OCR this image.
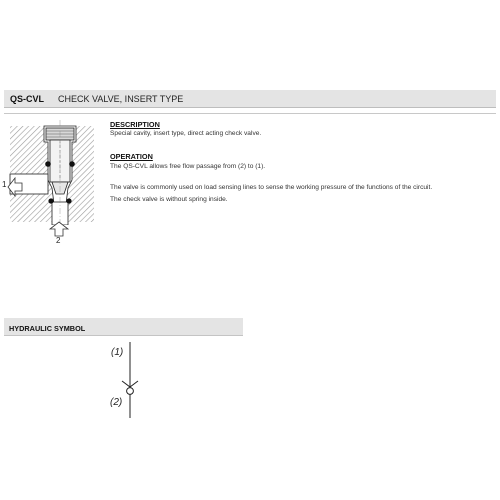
QS-CVL CHECK VALVE, INSERT TYPE
1
2
DESCRIPTION
Special cavity, insert type, direct acting check valve.
OPERATION
The QS-CVL allows free flow passage from (2) to (1).
The valve is commonly used on load sensing lines to sense the working pressure of the functions of the circuit.
The check valve is without spring inside.
HYDRAULIC SYMBOL
(1)
(2)
